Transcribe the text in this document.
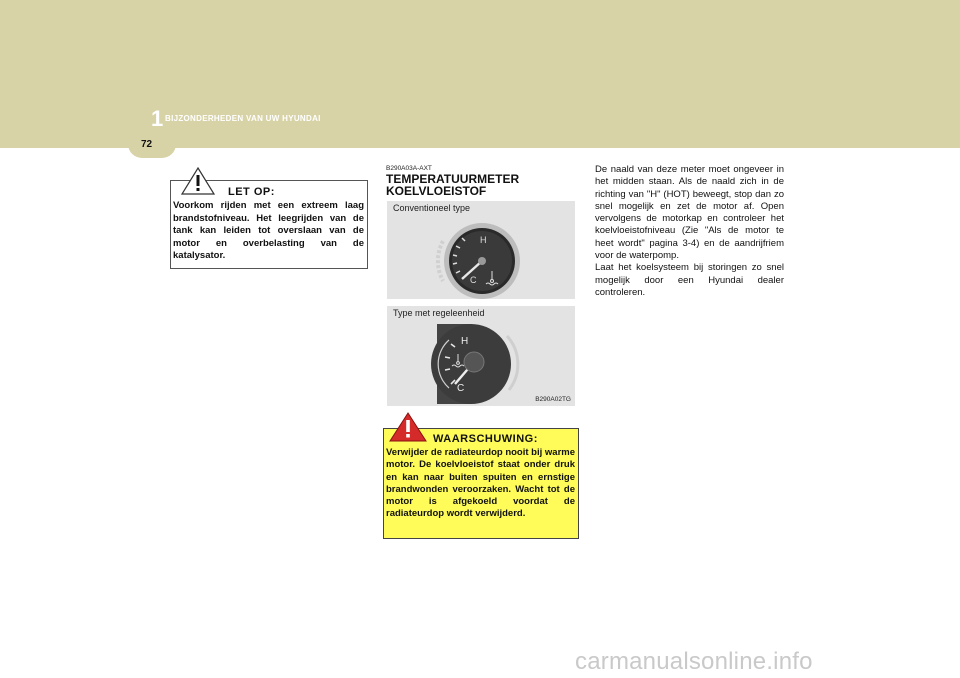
1 BIJZONDERHEDEN VAN UW HYUNDAI
72
LET OP:
Voorkom rijden met een extreem laag brandstofniveau. Het leegrijden van de tank kan leiden tot overslaan van de motor en overbelasting van de katalysator.
B290A03A-AXT
TEMPERATUURMETER
KOELVLOEISTOF
Conventioneel type
H
C
Type met regeleenheid
H
C
B290A02TG
WAARSCHUWING:
Verwijder de radiateurdop nooit bij warme motor. De koelvloeistof staat onder druk en kan naar buiten spuiten en ernstige brandwonden veroorzaken. Wacht tot de motor is afgekoeld voordat de radiateurdop wordt verwijderd.

De naald van deze meter moet ongeveer in het midden staan. Als de naald zich in de richting van "H" (HOT) beweegt, stop dan zo snel mogelijk en zet de motor af. Open vervolgens de motorkap en controleer het koelvloeistofniveau (Zie "Als de motor te heet wordt" pagina 3-4) en de aandrijfriem voor de waterpomp.

Laat het koelsysteem bij storingen zo snel mogelijk door een Hyundai dealer controleren.

carmanualsonline.info
